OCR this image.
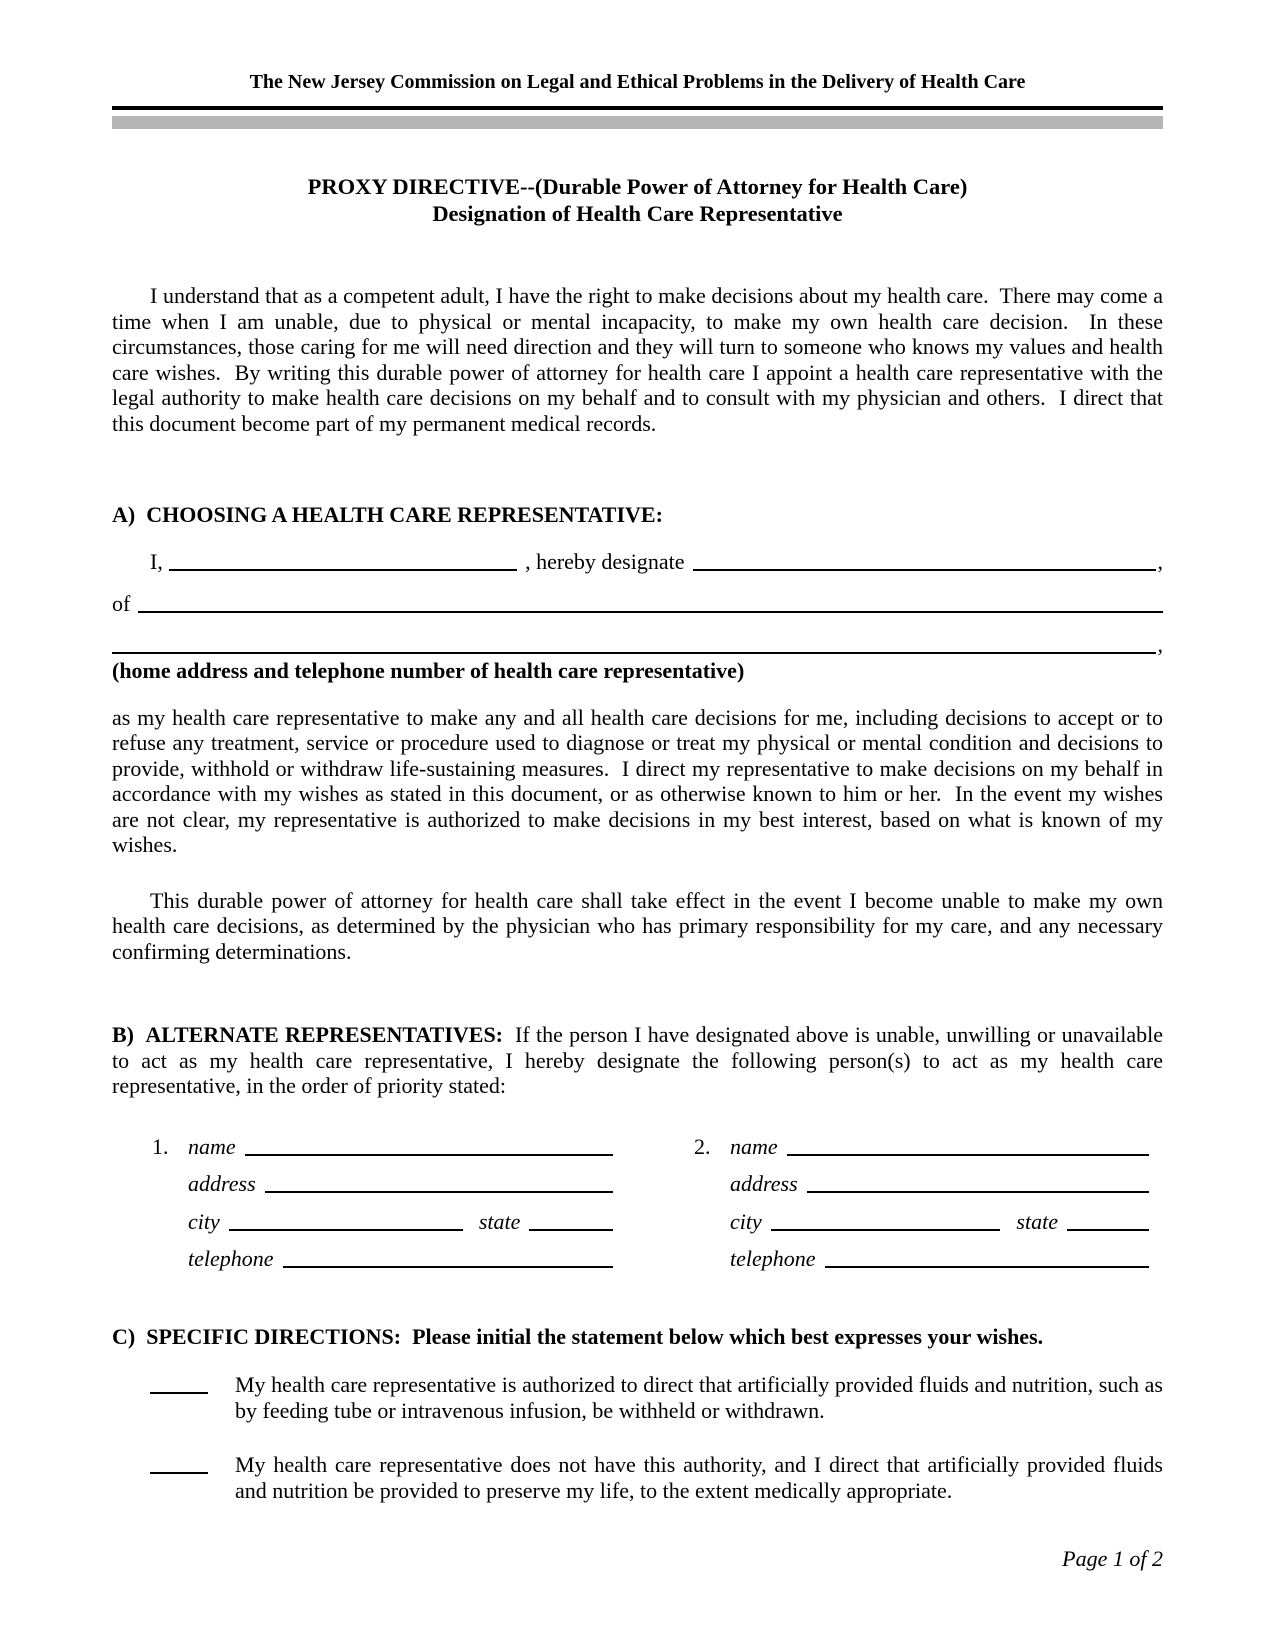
The New Jersey Commission on Legal and Ethical Problems in the Delivery of Health Care
PROXY DIRECTIVE--(Durable Power of Attorney for Health Care)
Designation of Health Care Representative
I understand that as a competent adult, I have the right to make decisions about my health care.  There may come a time when I am unable, due to physical or mental incapacity, to make my own health care decision.  In these circumstances, those caring for me will need direction and they will turn to someone who knows my values and health care wishes.  By writing this durable power of attorney for health care I appoint a health care representative with the legal authority to make health care decisions on my behalf and to consult with my physician and others.  I direct that this document become part of my permanent medical records.
A)  CHOOSING A HEALTH CARE REPRESENTATIVE:
I,	, hereby designate	,
of
,
(home address and telephone number of health care representative)
as my health care representative to make any and all health care decisions for me, including decisions to accept or to refuse any treatment, service or procedure used to diagnose or treat my physical or mental condition and decisions to provide, withhold or withdraw life-sustaining measures.  I direct my representative to make decisions on my behalf in accordance with my wishes as stated in this document, or as otherwise known to him or her.  In the event my wishes are not clear, my representative is authorized to make decisions in my best interest, based on what is known of my wishes.
This durable power of attorney for health care shall take effect in the event I become unable to make my own health care decisions, as determined by the physician who has primary responsibility for my care, and any necessary confirming determinations.
B)  ALTERNATE REPRESENTATIVES: If the person I have designated above is unable, unwilling or unavailable to act as my health care representative, I hereby designate the following person(s) to act as my health care representative, in the order of priority stated:
1. name
address
city	state
telephone
2. name
address
city	state
telephone
C)  SPECIFIC DIRECTIONS:  Please initial the statement below which best expresses your wishes.
My health care representative is authorized to direct that artificially provided fluids and nutrition, such as by feeding tube or intravenous infusion, be withheld or withdrawn.
My health care representative does not have this authority, and I direct that artificially provided fluids and nutrition be provided to preserve my life, to the extent medically appropriate.
Page 1 of 2
